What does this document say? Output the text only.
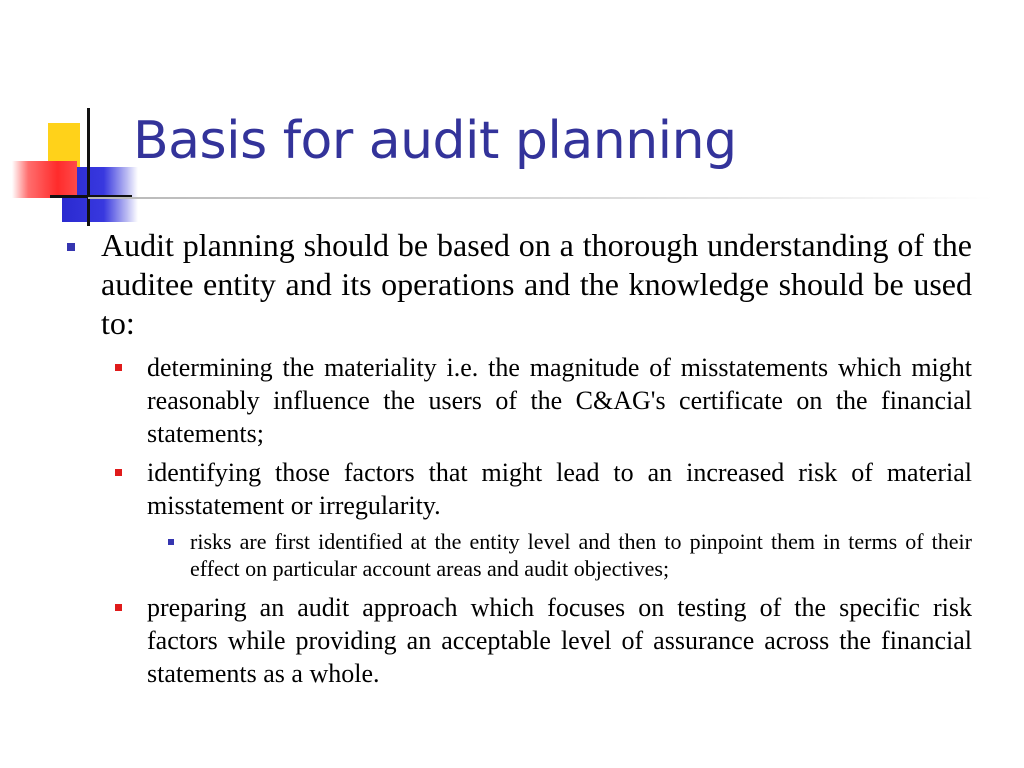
Basis for audit planning
Audit planning should be based on a thorough understanding of the auditee entity and its operations and the knowledge should be used to:
determining the materiality i.e. the magnitude of misstatements which might reasonably influence the users of the C&AG's certificate on the financial statements;
identifying those factors that might lead to an increased risk of material misstatement or irregularity.
risks are first identified at the entity level and then to pinpoint them in terms of their effect on particular account areas and audit objectives;
preparing an audit approach which focuses on testing of the specific risk factors while providing an acceptable level of assurance across the financial statements as a whole.
